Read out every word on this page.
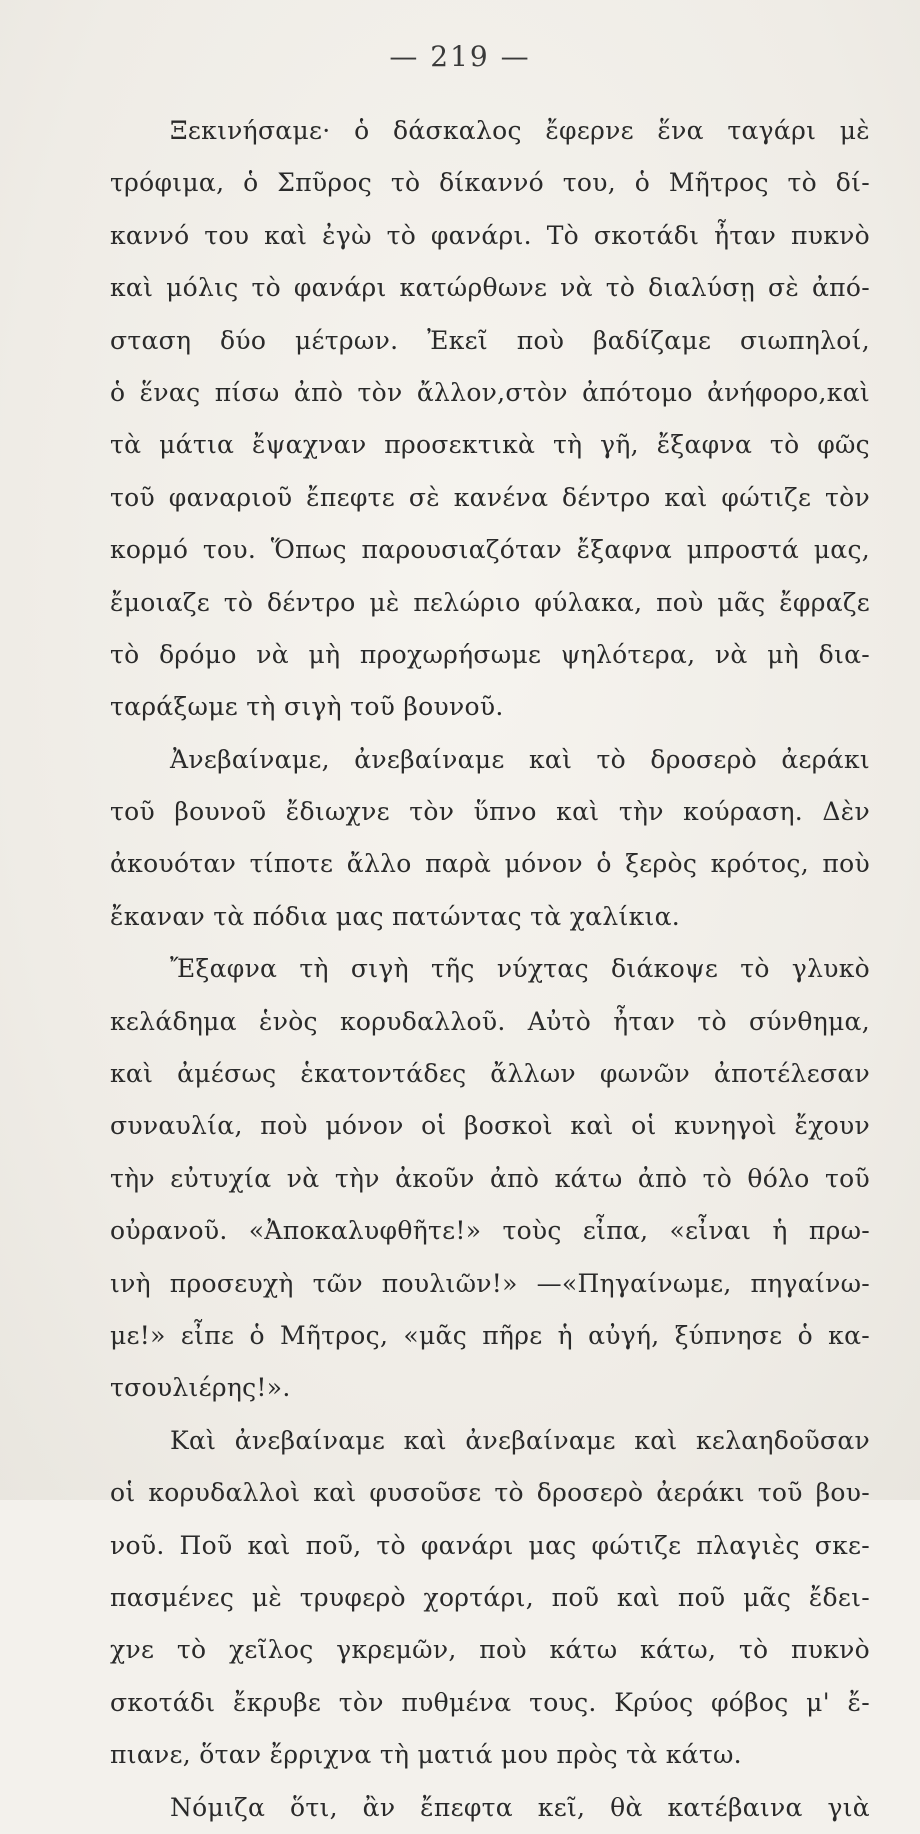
— 219 —
Ξεκινήσαμε· ὁ δάσκαλος ἔφερνε ἕνα ταγάρι μὲ
τρόφιμα, ὁ Σπῦρος τὸ δίκαννό του, ὁ Μῆτρος τὸ δί-
καννό του καὶ ἐγὼ τὸ φανάρι. Τὸ σκοτάδι ἦταν πυκνὸ
καὶ μόλις τὸ φανάρι κατώρθωνε νὰ τὸ διαλύσῃ σὲ ἀπό-
σταση δύο μέτρων. Ἐκεῖ ποὺ βαδίζαμε σιωπηλοί,
ὁ ἕνας πίσω ἀπὸ τὸν ἄλλον,στὸν ἀπότομο ἀνήφορο,καὶ
τὰ μάτια ἔψαχναν προσεκτικὰ τὴ γῆ, ἔξαφνα τὸ φῶς
τοῦ φαναριοῦ ἔπεφτε σὲ κανένα δέντρο καὶ φώτιζε τὸν
κορμό του. Ὅπως παρουσιαζόταν ἔξαφνα μπροστά μας,
ἔμοιαζε τὸ δέντρο μὲ πελώριο φύλακα, ποὺ μᾶς ἔφραζε
τὸ δρόμο νὰ μὴ προχωρήσωμε ψηλότερα, νὰ μὴ δια-
ταράξωμε τὴ σιγὴ τοῦ βουνοῦ.
Ἀνεβαίναμε, ἀνεβαίναμε καὶ τὸ δροσερὸ ἀεράκι
τοῦ βουνοῦ ἔδιωχνε τὸν ὕπνο καὶ τὴν κούραση. Δὲν
ἀκουόταν τίποτε ἄλλο παρὰ μόνον ὁ ξερὸς κρότος, ποὺ
ἔκαναν τὰ πόδια μας πατώντας τὰ χαλίκια.
Ἔξαφνα τὴ σιγὴ τῆς νύχτας διάκοψε τὸ γλυκὸ
κελάδημα ἑνὸς κορυδαλλοῦ. Αὐτὸ ἦταν τὸ σύνθημα,
καὶ ἀμέσως ἑκατοντάδες ἄλλων φωνῶν ἀποτέλεσαν
συναυλία, ποὺ μόνον οἱ βοσκοὶ καὶ οἱ κυνηγοὶ ἔχουν
τὴν εὐτυχία νὰ τὴν ἀκοῦν ἀπὸ κάτω ἀπὸ τὸ θόλο τοῦ
οὐρανοῦ. «Ἀποκαλυφθῆτε!» τοὺς εἶπα, «εἶναι ἡ πρω-
ινὴ προσευχὴ τῶν πουλιῶν!» —«Πηγαίνωμε, πηγαίνω-
με!» εἶπε ὁ Μῆτρος, «μᾶς πῆρε ἡ αὐγή, ξύπνησε ὁ κα-
τσουλιέρης!».
Καὶ ἀνεβαίναμε καὶ ἀνεβαίναμε καὶ κελαηδοῦσαν
οἱ κορυδαλλοὶ καὶ φυσοῦσε τὸ δροσερὸ ἀεράκι τοῦ βου-
νοῦ. Ποῦ καὶ ποῦ, τὸ φανάρι μας φώτιζε πλαγιὲς σκε-
πασμένες μὲ τρυφερὸ χορτάρι, ποῦ καὶ ποῦ μᾶς ἔδει-
χνε τὸ χεῖλος γκρεμῶν, ποὺ κάτω κάτω, τὸ πυκνὸ
σκοτάδι ἔκρυβε τὸν πυθμένα τους. Κρύος φόβος μ' ἔ-
πιανε, ὅταν ἔρριχνα τὴ ματιά μου πρὸς τὰ κάτω.
Νόμιζα ὅτι, ἂν ἔπεφτα κεῖ, θὰ κατέβαινα γιὰ
